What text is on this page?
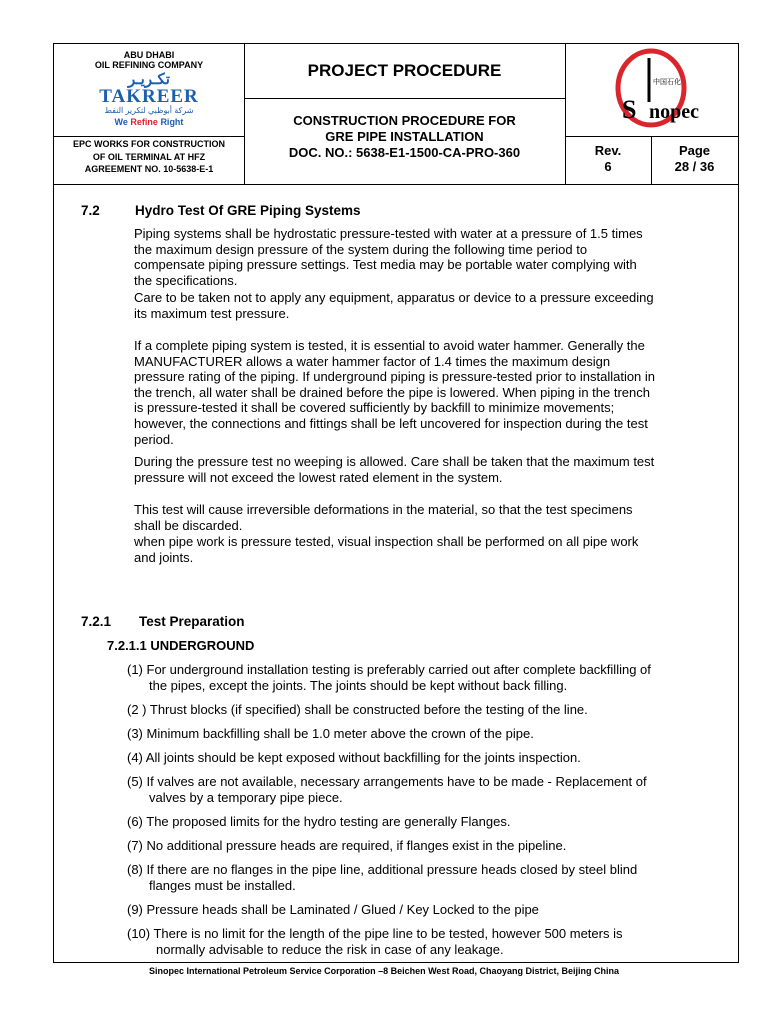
ABU DHABI
OIL REFINING COMPANY
تكـريـر
TAKREER
شركة أبوظبي لتكرير النفط
We Refine Right
EPC WORKS FOR CONSTRUCTION
OF OIL TERMINAL AT HFZ
AGREEMENT NO. 10-5638-E-1
PROJECT PROCEDURE
CONSTRUCTION PROCEDURE FOR
GRE PIPE INSTALLATION
DOC. NO.: 5638-E1-1500-CA-PRO-360
S nopec
中国石化
Rev.
6
Page
28 / 36
7.2	Hydro Test Of GRE Piping Systems
Piping systems shall be hydrostatic pressure-tested with water at a pressure of 1.5 times
the maximum design pressure of the system during the following time period to
compensate piping pressure settings. Test media may be portable water complying with
the specifications.
Care to be taken not to apply any equipment, apparatus or device to a pressure exceeding
its maximum test pressure.
If a complete piping system is tested, it is essential to avoid water hammer. Generally the
MANUFACTURER allows a water hammer factor of 1.4 times the maximum design
pressure rating of the piping. If underground piping is pressure-tested prior to installation in
the trench, all water shall be drained before the pipe is lowered. When piping in the trench
is pressure-tested it shall be covered sufficiently by backfill to minimize movements;
however, the connections and fittings shall be left uncovered for inspection during the test
period.
During the pressure test no weeping is allowed. Care shall be taken that the maximum test
pressure will not exceed the lowest rated element in the system.
This test will cause irreversible deformations in the material, so that the test specimens
shall be discarded.
when pipe work is pressure tested, visual inspection shall be performed on all pipe work
and joints.
7.2.1 Test Preparation
7.2.1.1 UNDERGROUND
(1) For underground installation testing is preferably carried out after complete backfilling of
the pipes, except the joints. The joints should be kept without back filling.
(2 ) Thrust blocks (if specified) shall be constructed before the testing of the line.
(3) Minimum backfilling shall be 1.0 meter above the crown of the pipe.
(4) All joints should be kept exposed without backfilling for the joints inspection.
(5) If valves are not available, necessary arrangements have to be made - Replacement of
valves by a temporary pipe piece.
(6) The proposed limits for the hydro testing are generally Flanges.
(7) No additional pressure heads are required, if flanges exist in the pipeline.
(8) If there are no flanges in the pipe line, additional pressure heads closed by steel blind
flanges must be installed.
(9) Pressure heads shall be Laminated / Glued / Key Locked to the pipe
(10) There is no limit for the length of the pipe line to be tested, however 500 meters is
normally advisable to reduce the risk in case of any leakage.
Sinopec International Petroleum Service Corporation –8 Beichen West Road, Chaoyang District, Beijing China
